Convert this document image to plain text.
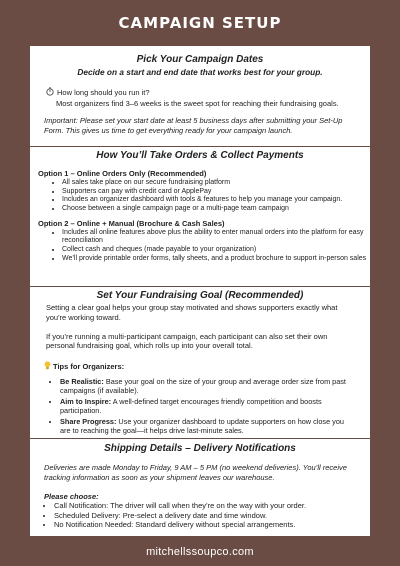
CAMPAIGN SETUP

Pick Your Campaign Dates

Decide on a start and end date that works best for your group.

How long should you run it?

Most organizers find 3–6 weeks is the sweet spot for reaching their fundraising goals.

Important: Please set your start date at least 5 business days after submitting your Set-Up Form. This gives us time to get everything ready for your campaign launch.

How You’ll Take Orders & Collect Payments

Option 1 – Online Orders Only (Recommended)

• All sales take place on our secure fundraising platform
• Supporters can pay with credit card or ApplePay
• Includes an organizer dashboard with tools & features to help you manage your campaign.
• Choose between a single campaign page or a multi-page team campaign

Option 2 – Online + Manual (Brochure & Cash Sales)

• Includes all online features above plus the ability to enter manual orders into the platform for easy reconciliation
• Collect cash and cheques (made payable to your organization)
• We’ll provide printable order forms, tally sheets, and a product brochure to support in-person sales

Set Your Fundraising Goal (Recommended)

Setting a clear goal helps your group stay motivated and shows supporters exactly what you're working toward.

If you’re running a multi-participant campaign, each participant can also set their own personal fundraising goal, which rolls up into your overall total.

Tips for Organizers:

• Be Realistic: Base your goal on the size of your group and average order size from past campaigns (if available).
• Aim to Inspire: A well-defined target encourages friendly competition and boosts participation.
• Share Progress: Use your organizer dashboard to update supporters on how close you are to reaching the goal—it helps drive last-minute sales.

Shipping Details – Delivery Notifications

Deliveries are made Monday to Friday, 9 AM – 5 PM (no weekend deliveries). You’ll receive tracking information as soon as your shipment leaves our warehouse.

Please choose:

• Call Notification: The driver will call when they’re on the way with your order.
• Scheduled Delivery: Pre-select a delivery date and time window.
• No Notification Needed: Standard delivery without special arrangements.
mitchellssoupco.com
